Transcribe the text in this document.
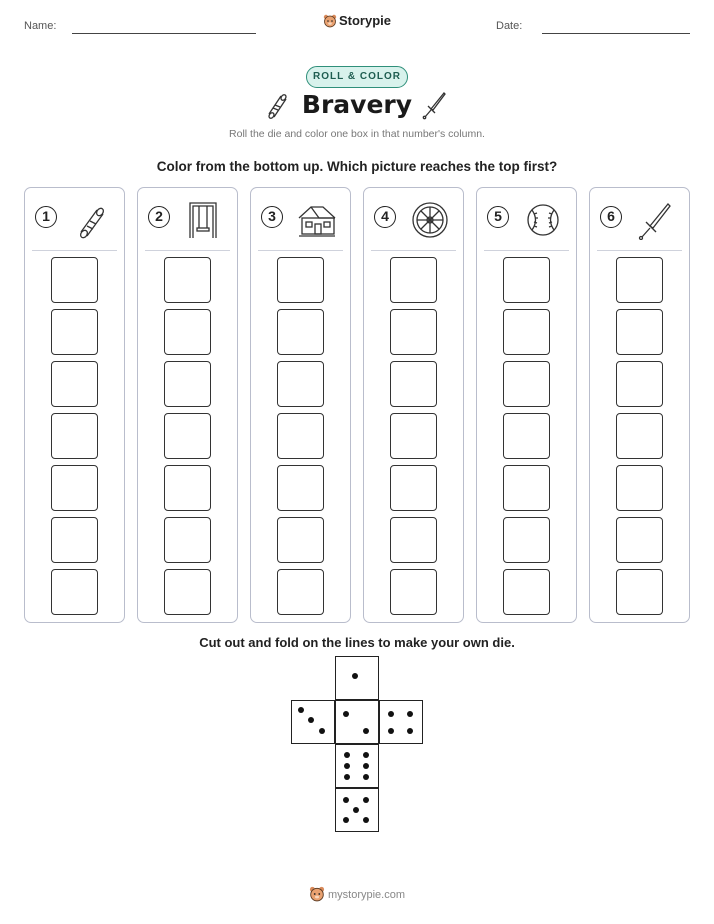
Name:	Storypie	Date:
ROLL & COLOR
Bravery
Roll the die and color one box in that number's column.
Color from the bottom up. Which picture reaches the top first?
1	2	3	4	5	6
Cut out and fold on the lines to make your own die.
mystorypie.com
